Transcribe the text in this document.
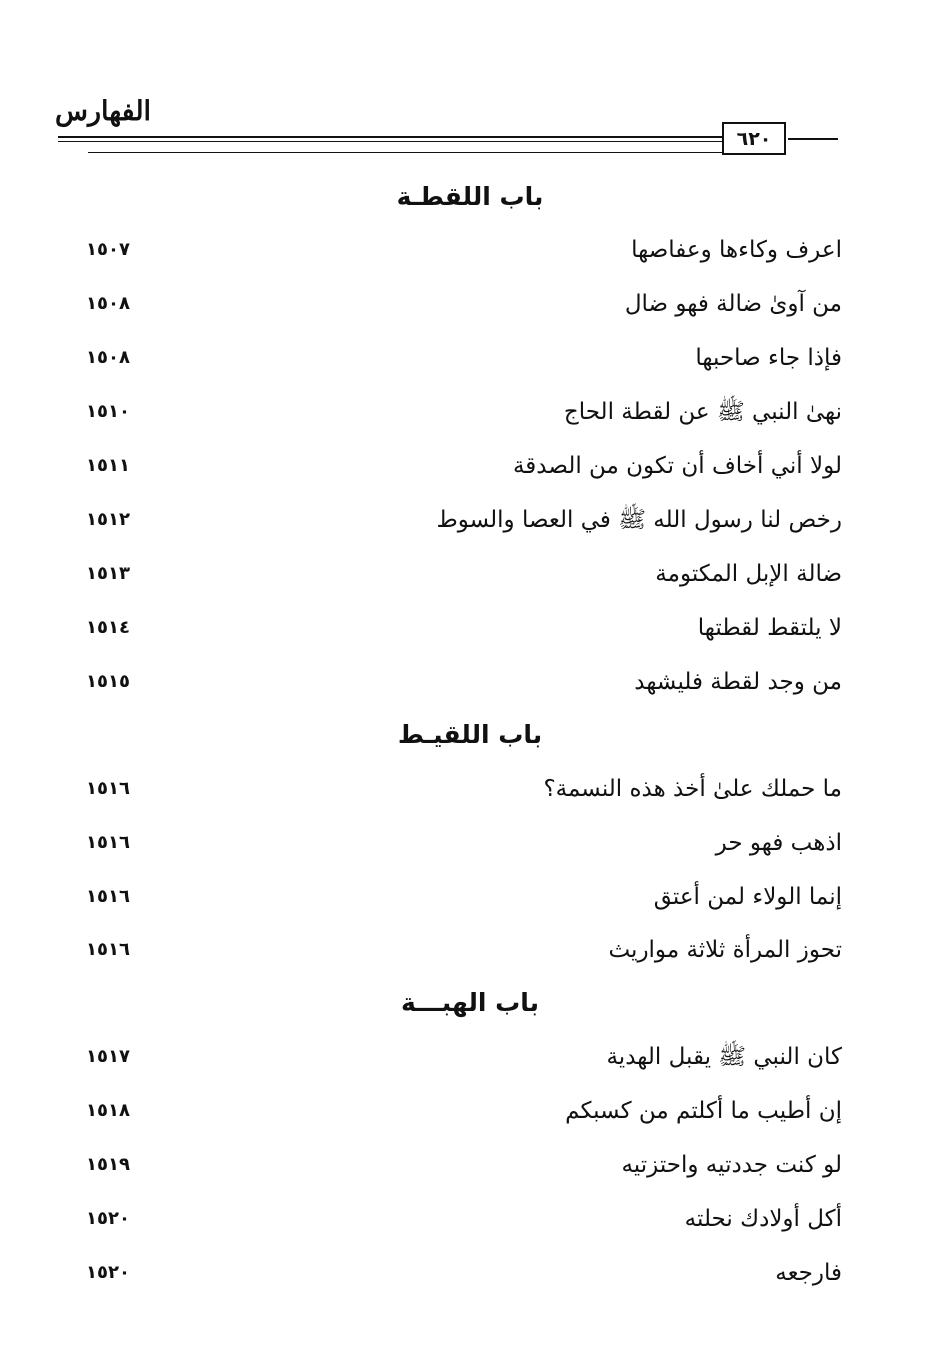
الفهارس
٦٢٠
باب اللقطـة
اعرف وكاءها وعفاصها
١٥٠٧
من آوىٰ ضالة فهو ضال
١٥٠٨
فإذا جاء صاحبها
١٥٠٨
نهىٰ النبي ﷺ عن لقطة الحاج
١٥١٠
لولا أني أخاف أن تكون من الصدقة
١٥١١
رخص لنا رسول الله ﷺ في العصا والسوط
١٥١٢
ضالة الإبل المكتومة
١٥١٣
لا يلتقط لقطتها
١٥١٤
من وجد لقطة فليشهد
١٥١٥
باب اللقيـط
ما حملك علىٰ أخذ هذه النسمة؟
١٥١٦
اذهب فهو حر
١٥١٦
إنما الولاء لمن أعتق
١٥١٦
تحوز المرأة ثلاثة مواريث
١٥١٦
باب الهبـــة
كان النبي ﷺ يقبل الهدية
١٥١٧
إن أطيب ما أكلتم من كسبكم
١٥١٨
لو كنت جددتيه واحتزتيه
١٥١٩
أكل أولادك نحلته
١٥٢٠
فارجعه
١٥٢٠
